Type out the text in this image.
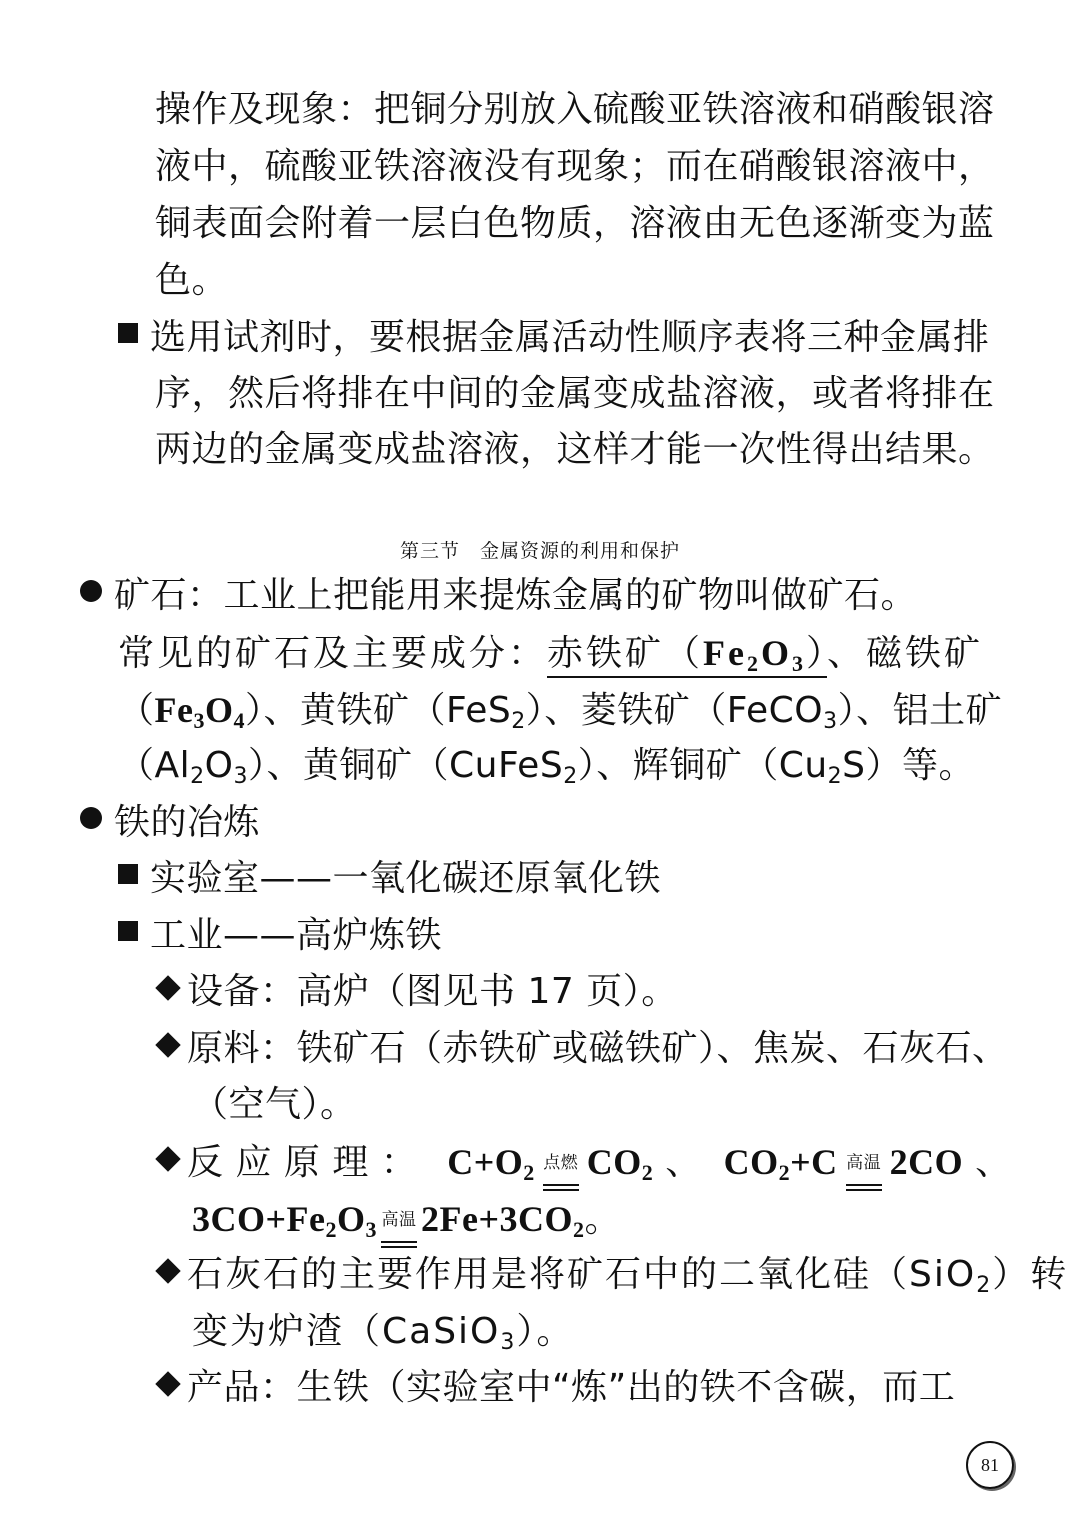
操作及现象：把铜分别放入硫酸亚铁溶液和硝酸银溶
液中，硫酸亚铁溶液没有现象；而在硝酸银溶液中，
铜表面会附着一层白色物质，溶液由无色逐渐变为蓝
色。
选用试剂时，要根据金属活动性顺序表将三种金属排
序，然后将排在中间的金属变成盐溶液，或者将排在
两边的金属变成盐溶液，这样才能一次性得出结果。
第三节　金属资源的利用和保护
矿石：工业上把能用来提炼金属的矿物叫做矿石。
常见的矿石及主要成分：赤铁矿$(Fe_2O_3)$、磁铁矿
$(Fe_3O_4)$、黄铁矿（FeS$_2$）、菱铁矿（FeCO$_3$）、铝土矿
$(Al_2O_3)$、黄铜矿（CuFeS$_2$）、辉铜矿$(Cu_2S)$等。
铁的冶炼
实验室——一氧化碳还原氧化铁
工业——高炉炼铁
设备：高炉（图见书 17 页）。
原料：铁矿石（赤铁矿或磁铁矿）、焦炭、石灰石、
（空气）。
反 应 原 理 ： $C+O_2$ 点燃 $CO_2$ 、 $CO_2+C$ 高温 2CO 、
$3CO+Fe_2O_3$ 高温 $2Fe+3CO_2$。
石灰石的主要作用是将矿石中的二氧化硅（SiO$_2$）转
变为炉渣（CaSiO$_3$）。
产品：生铁（实验室中“炼”出的铁不含碳，而工
81
